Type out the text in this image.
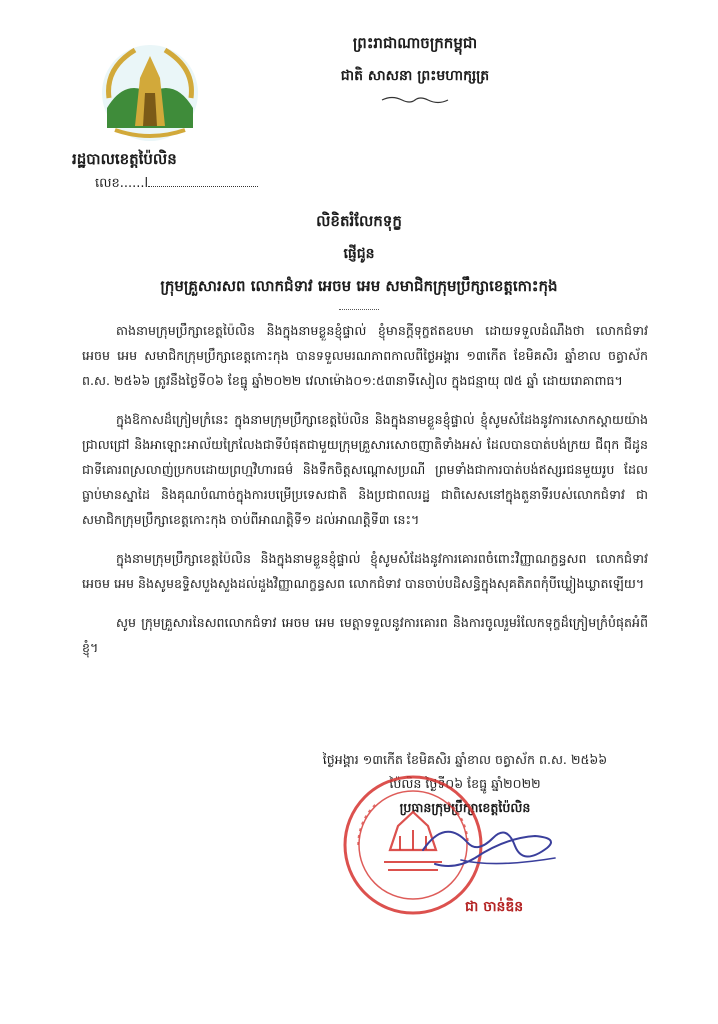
រដ្ឋបាលខេត្តប៉ៃលិន
លេខ......l
ព្រះរាជាណាចក្រកម្ពុជា
ជាតិ សាសនា ព្រះមហាក្សត្រ
លិខិតរំលែកទុក្ខ
ផ្ញើជូន
ក្រុមគ្រួសារសព លោកជំទាវ អេចម អេម សមាជិកក្រុមប្រឹក្សាខេត្តកោះកុង

តាងនាមក្រុមប្រឹក្សាខេត្តប៉ៃលិន និងក្នុងនាមខ្លួនខ្ញុំផ្ទាល់ ខ្ញុំមានក្តីទុក្ខឥតឧបមា ដោយទទួលដំណឹងថា លោកជំទាវ អេចម អេម សមាជិកក្រុមប្រឹក្សាខេត្តកោះកុង បានទទួលមរណភាពកាលពីថ្ងៃអង្គារ ១៣កើត ខែមិគសិរ ឆ្នាំខាល ចត្វាស័ក ព.ស. ២៥៦៦ ត្រូវនឹងថ្ងៃទី០៦ ខែធ្នូ ឆ្នាំ២០២២ វេលាម៉ោង០១:៥៣នាទីសៀល ក្នុងជន្មាយុ ៧៥ ឆ្នាំ ដោយរោគាពាធ។

ក្នុងឱកាសដ៏ក្រៀមក្រំនេះ ក្នុងនាមក្រុមប្រឹក្សាខេត្តប៉ៃលិន និងក្នុងនាមខ្លួនខ្ញុំផ្ទាល់ ខ្ញុំសូមសំដែងនូវការសោកស្តាយយ៉ាងជ្រាលជ្រៅ និងអាឡោះអាល័យក្រៃលែងជាទីបំផុតជាមួយក្រុមគ្រួសារសោចញាតិទាំងអស់ ដែលបានបាត់បង់ក្រយ ជីពុក ជីដូនជាទីគោរពស្រលាញ់ប្រកបដោយព្រហ្មវិហារធម៌ និងទឹកចិត្តសណ្តោសប្រណី ព្រមទាំងជាការបាត់បង់ឥស្សរជនមួយរូប ដែលធ្លាប់មានស្នាដៃ និងគុណបំណាច់ក្នុងការបម្រើប្រទេសជាតិ និងប្រជាពលរដ្ឋ ជាពិសេសនៅក្នុងតួនាទីរបស់លោកជំទាវ ជាសមាជិកក្រុមប្រឹក្សាខេត្តកោះកុង ចាប់ពីអាណត្តិទី១ ដល់អាណត្តិទី៣ នេះ។

ក្នុងនាមក្រុមប្រឹក្សាខេត្តប៉ៃលិន និងក្នុងនាមខ្លួនខ្ញុំផ្ទាល់ ខ្ញុំសូមសំដែងនូវការគោរពចំពោះវិញ្ញាណក្ខន្ធសព លោកជំទាវ អេចម អេម និងសូមឧទ្ទិសបួងសួងដល់ដួងវិញ្ញាណក្ខន្ធសព លោកជំទាវ បានចាប់បដិសន្ធិក្នុងសុគតិភពកុំបីឃ្លៀងឃ្លាតឡើយ។

សូម ក្រុមគ្រួសារនៃសពលោកជំទាវ អេចម អេម មេត្តាទទួលនូវការគោរព និងការចូលរួមរំលែកទុក្ខដ៏ក្រៀមក្រំបំផុតអំពីខ្ញុំ។

ថ្ងៃអង្គារ ១៣កើត ខែមិគសិរ ឆ្នាំខាល ចត្វាស័ក ព.ស. ២៥៦៦
ប៉ៃលិន ថ្ងៃទី០៦ ខែធ្នូ ឆ្នាំ២០២២
ប្រធានក្រុមប្រឹក្សាខេត្តប៉ៃលិន
ជា ចាន់ឌិន
